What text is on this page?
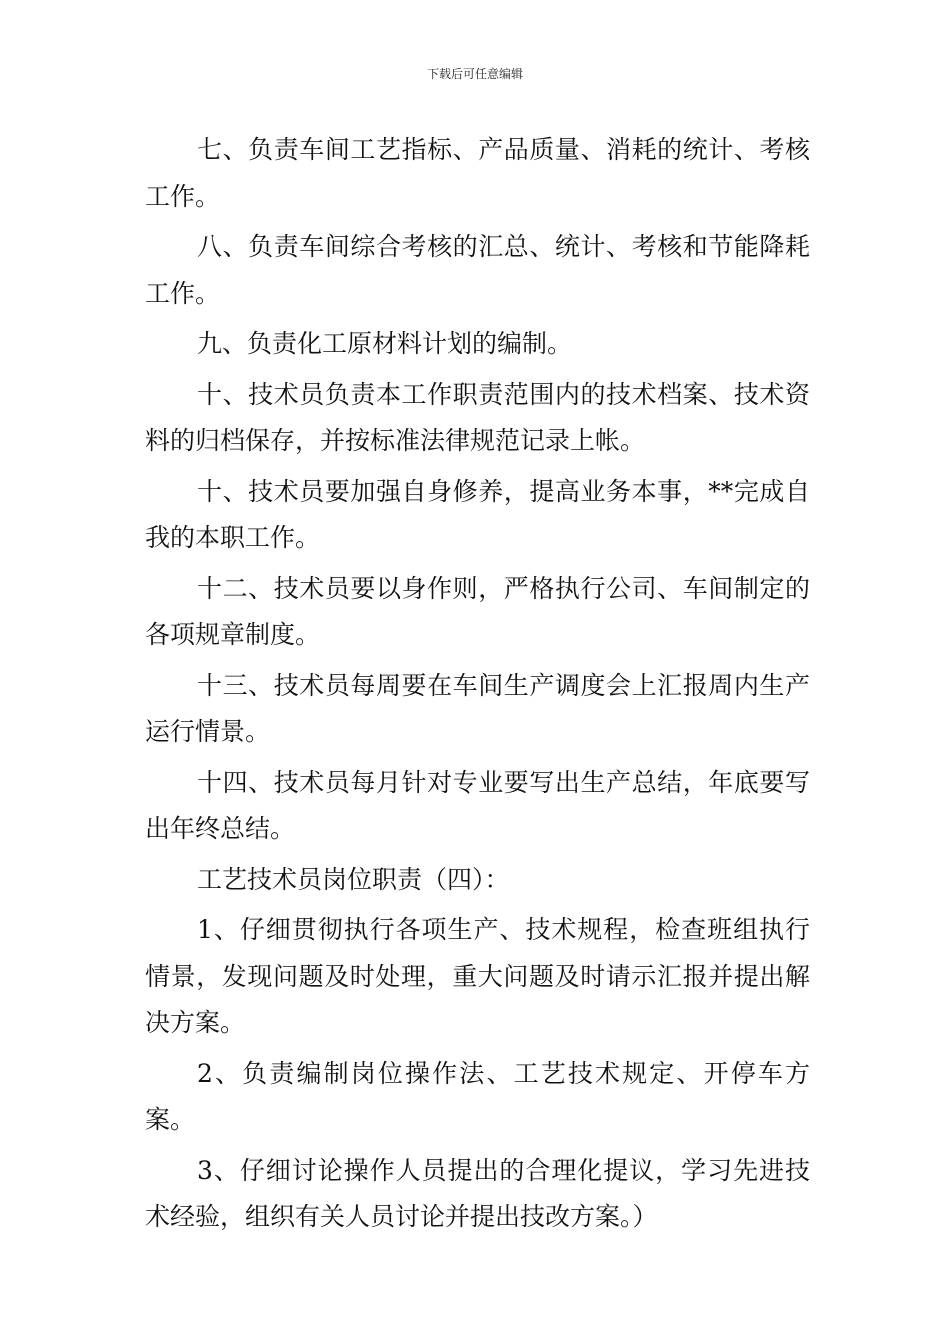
下载后可任意编辑

七、负责车间工艺指标、产品质量、消耗的统计、考核工作。

八、负责车间综合考核的汇总、统计、考核和节能降耗工作。

九、负责化工原材料计划的编制。

十、技术员负责本工作职责范围内的技术档案、技术资料的归档保存，并按标准法律规范记录上帐。

十、技术员要加强自身修养，提高业务本事，**完成自我的本职工作。

十二、技术员要以身作则，严格执行公司、车间制定的各项规章制度。

十三、技术员每周要在车间生产调度会上汇报周内生产运行情景。

十四、技术员每月针对专业要写出生产总结，年底要写出年终总结。

工艺技术员岗位职责（四）：

1、仔细贯彻执行各项生产、技术规程，检查班组执行情景，发现问题及时处理，重大问题及时请示汇报并提出解决方案。

2、负责编制岗位操作法、工艺技术规定、开停车方案。

3、仔细讨论操作人员提出的合理化提议，学习先进技术经验，组织有关人员讨论并提出技改方案。）
